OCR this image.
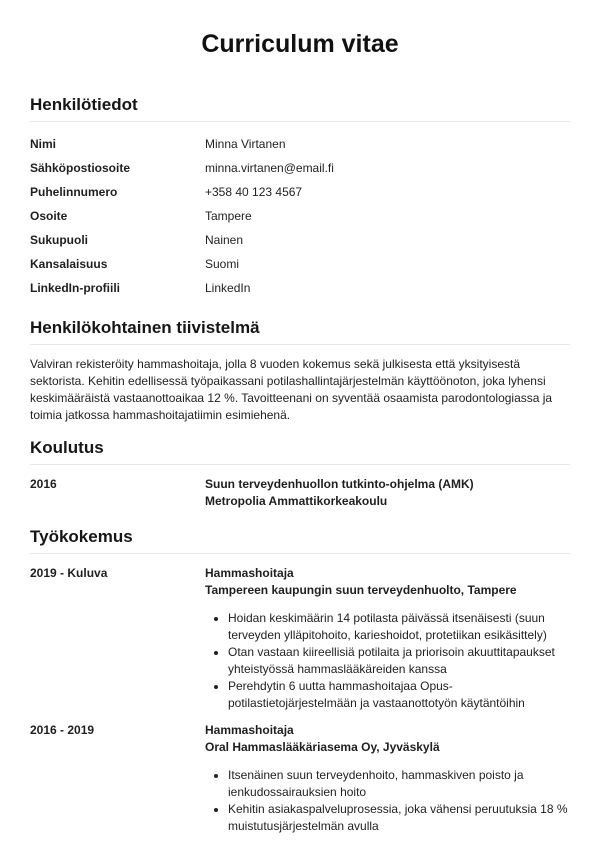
Curriculum vitae
Henkilötiedot
Nimi	Minna Virtanen
Sähköpostiosoite	minna.virtanen@email.fi
Puhelinnumero	+358 40 123 4567
Osoite	Tampere
Sukupuoli	Nainen
Kansalaisuus	Suomi
LinkedIn-profiili	LinkedIn
Henkilökohtainen tiivistelmä

Valviran rekisteröity hammashoitaja, jolla 8 vuoden kokemus sekä julkisesta että yksityisestä sektorista. Kehitin edellisessä työpaikassani potilashallintajärjestelmän käyttöönoton, joka lyhensi keskimääräistä vastaanottoaikaa 12 %. Tavoitteenani on syventää osaamista parodontologiassa ja toimia jatkossa hammashoitajatiimin esimiehenä.

Koulutus
2016	Suun terveydenhuollon tutkinto-ohjelma (AMK)
Metropolia Ammattikorkeakoulu
Työkokemus
2019 - Kuluva	Hammashoitaja
Tampereen kaupungin suun terveydenhuolto, Tampere
• Hoidan keskimäärin 14 potilasta päivässä itsenäisesti (suun terveyden ylläpitohoito, karieshoidot, protetiikan esikäsittely)
• Otan vastaan kiireellisiä potilaita ja priorisoin akuuttitapaukset yhteistyössä hammaslääkäreiden kanssa
• Perehdytin 6 uutta hammashoitajaa Opus-potilastietojärjestelmään ja vastaanottotyön käytäntöihin
2016 - 2019	Hammashoitaja
Oral Hammaslääkäriasema Oy, Jyväskylä
• Itsenäinen suun terveydenhoito, hammaskiven poisto ja ienkudossairauksien hoito
• Kehitin asiakaspalveluprosessia, joka vähensi peruutuksia 18 % muistutusjärjestelmän avulla
